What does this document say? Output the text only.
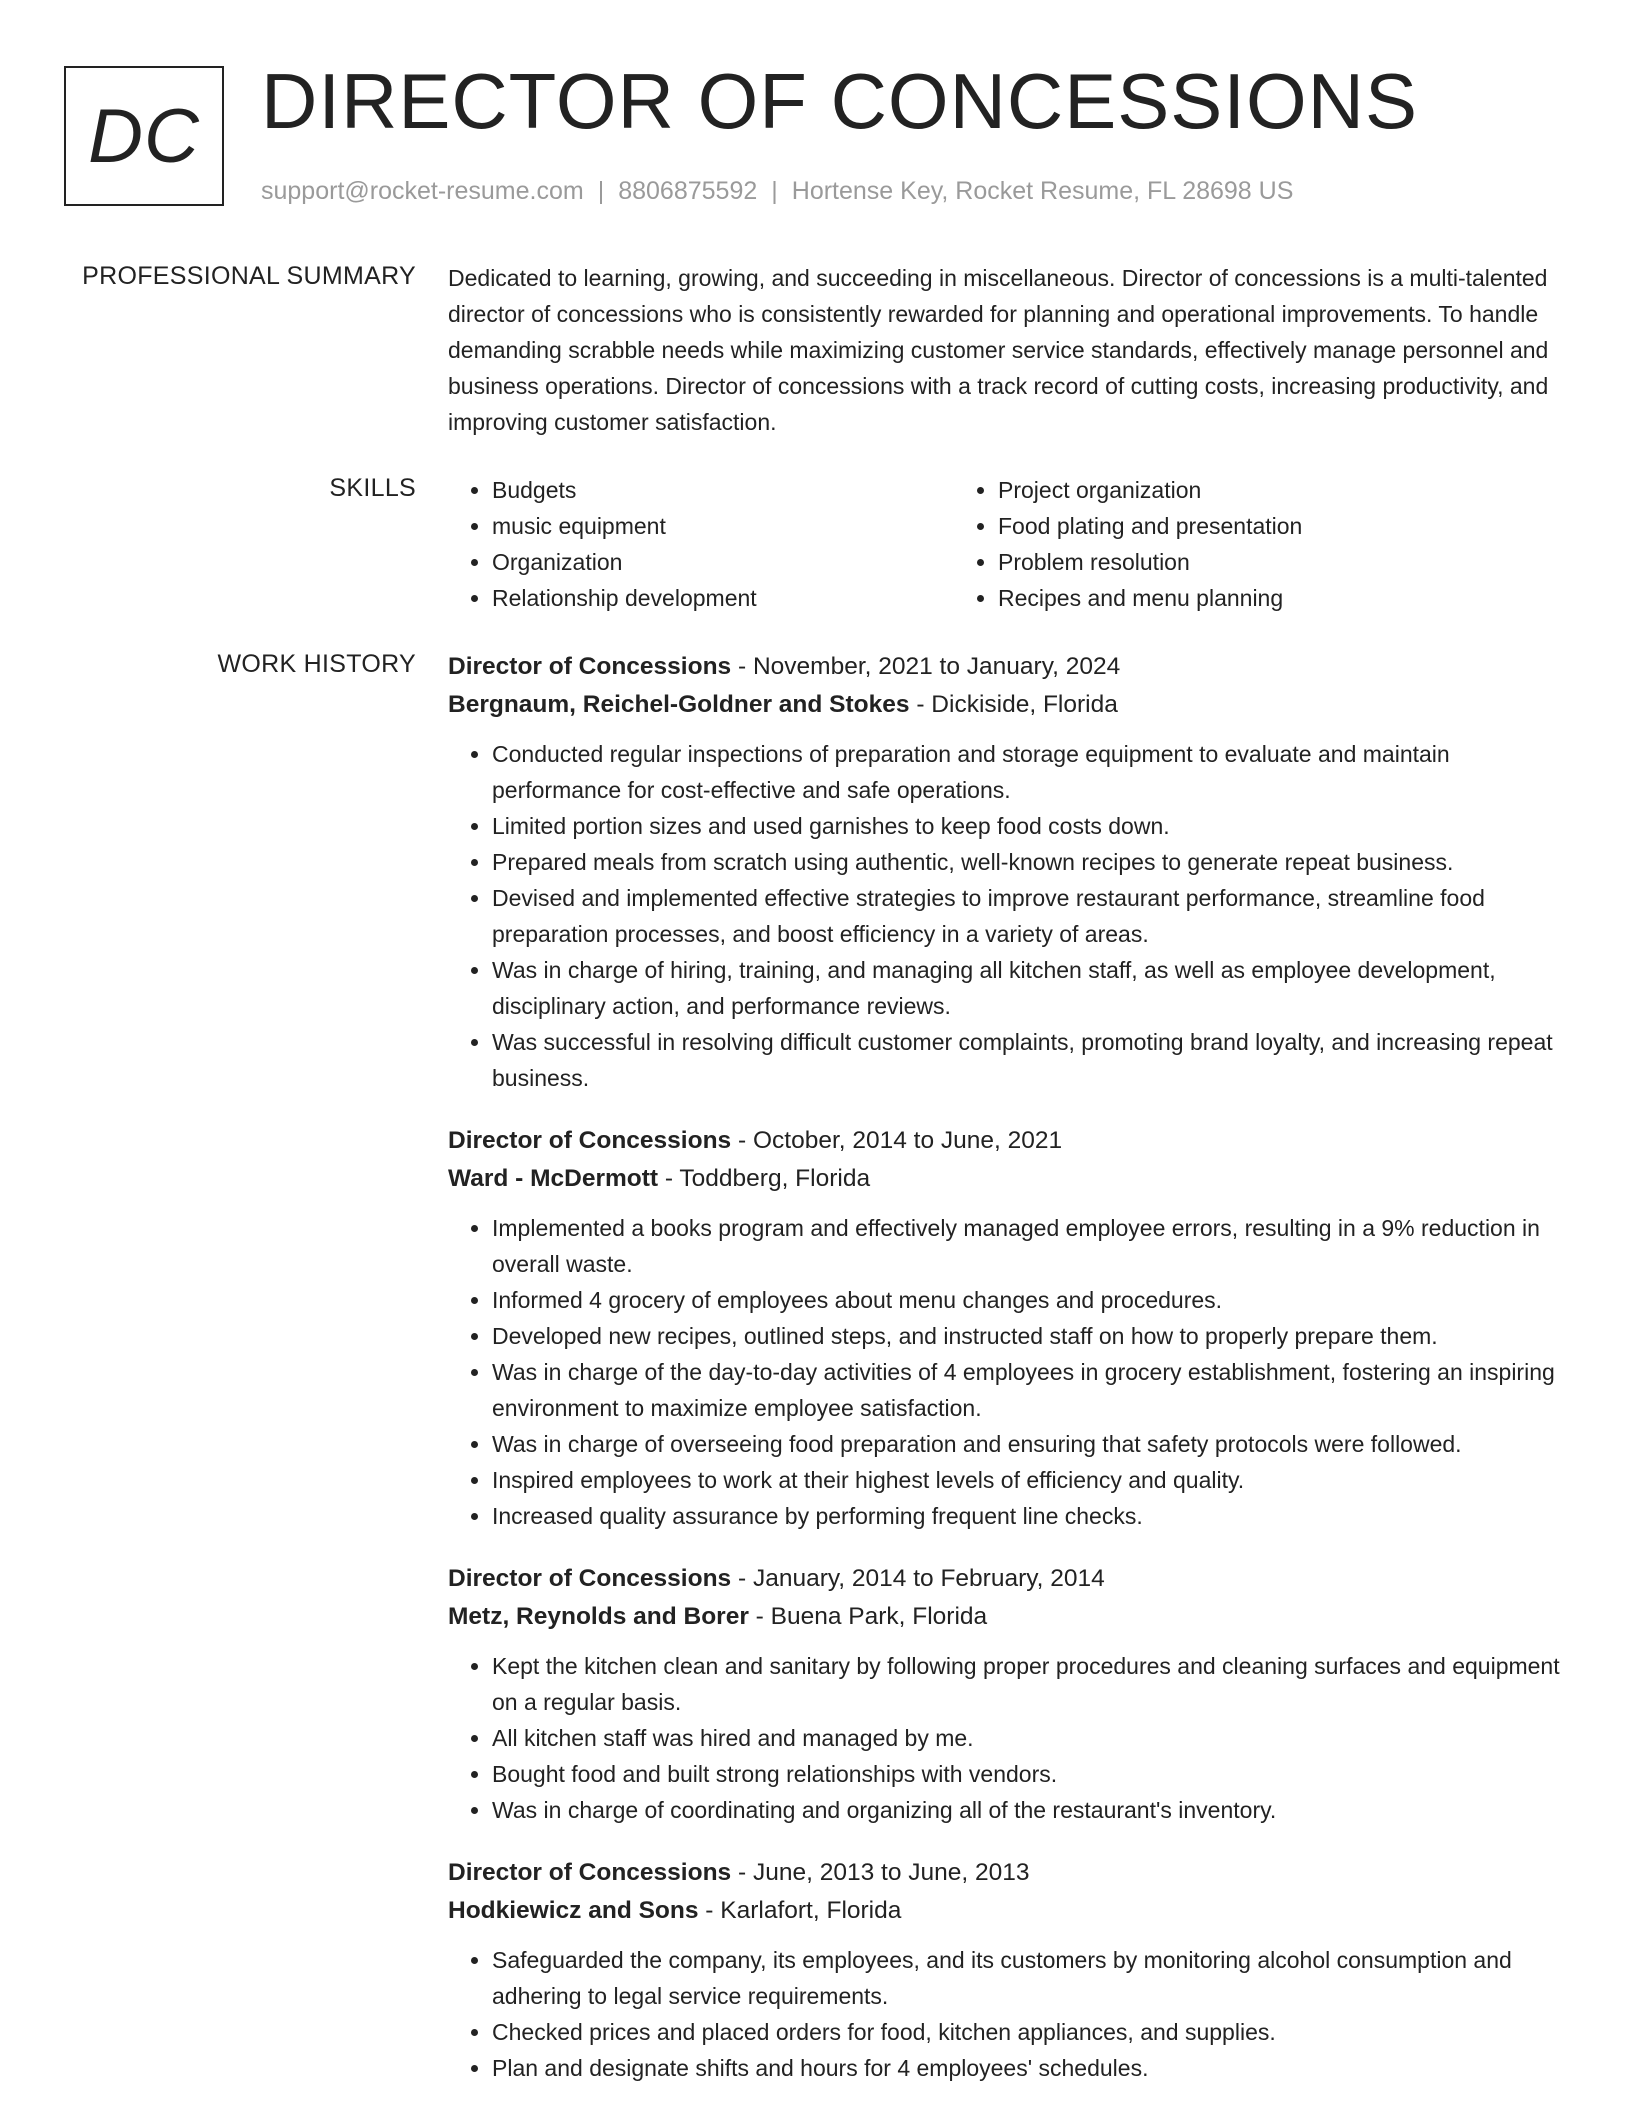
DC DIRECTOR OF CONCESSIONS
support@rocket-resume.com | 8806875592 | Hortense Key, Rocket Resume, FL 28698 US
PROFESSIONAL SUMMARY Dedicated to learning, growing, and succeeding in miscellaneous. Director of concessions is a multi-talented director of concessions who is consistently rewarded for planning and operational improvements. To handle demanding scrabble needs while maximizing customer service standards, effectively manage personnel and business operations. Director of concessions with a track record of cutting costs, increasing productivity, and improving customer satisfaction.
SKILLS
•	Budgets
• music equipment
• Organization
• Relationship development
• Project organization
• Food plating and presentation
• Problem resolution
• Recipes and menu planning
WORK HISTORY Director of Concessions - November, 2021 to January, 2024
Bergnaum, Reichel-Goldner and Stokes - Dickiside, Florida
• Conducted regular inspections of preparation and storage equipment to evaluate and maintain performance for cost-effective and safe operations.
• Limited portion sizes and used garnishes to keep food costs down.
• Prepared meals from scratch using authentic, well-known recipes to generate repeat business.
• Devised and implemented effective strategies to improve restaurant performance, streamline food preparation processes, and boost efficiency in a variety of areas.
• Was in charge of hiring, training, and managing all kitchen staff, as well as employee development, disciplinary action, and performance reviews.
• Was successful in resolving difficult customer complaints, promoting brand loyalty, and increasing repeat business.
Director of Concessions - October, 2014 to June, 2021
Ward - McDermott - Toddberg, Florida
• Implemented a books program and effectively managed employee errors, resulting in a 9% reduction in overall waste.
• Informed 4 grocery of employees about menu changes and procedures.
• Developed new recipes, outlined steps, and instructed staff on how to properly prepare them.
• Was in charge of the day-to-day activities of 4 employees in grocery establishment, fostering an inspiring environment to maximize employee satisfaction.
• Was in charge of overseeing food preparation and ensuring that safety protocols were followed.
• Inspired employees to work at their highest levels of efficiency and quality.
• Increased quality assurance by performing frequent line checks.
Director of Concessions - January, 2014 to February, 2014
Metz, Reynolds and Borer - Buena Park, Florida
• Kept the kitchen clean and sanitary by following proper procedures and cleaning surfaces and equipment on a regular basis.
• All kitchen staff was hired and managed by me.
• Bought food and built strong relationships with vendors.
• Was in charge of coordinating and organizing all of the restaurant's inventory.
Director of Concessions - June, 2013 to June, 2013
Hodkiewicz and Sons - Karlafort, Florida
• Safeguarded the company, its employees, and its customers by monitoring alcohol consumption and adhering to legal service requirements.
• Checked prices and placed orders for food, kitchen appliances, and supplies.
• Plan and designate shifts and hours for 4 employees' schedules.
